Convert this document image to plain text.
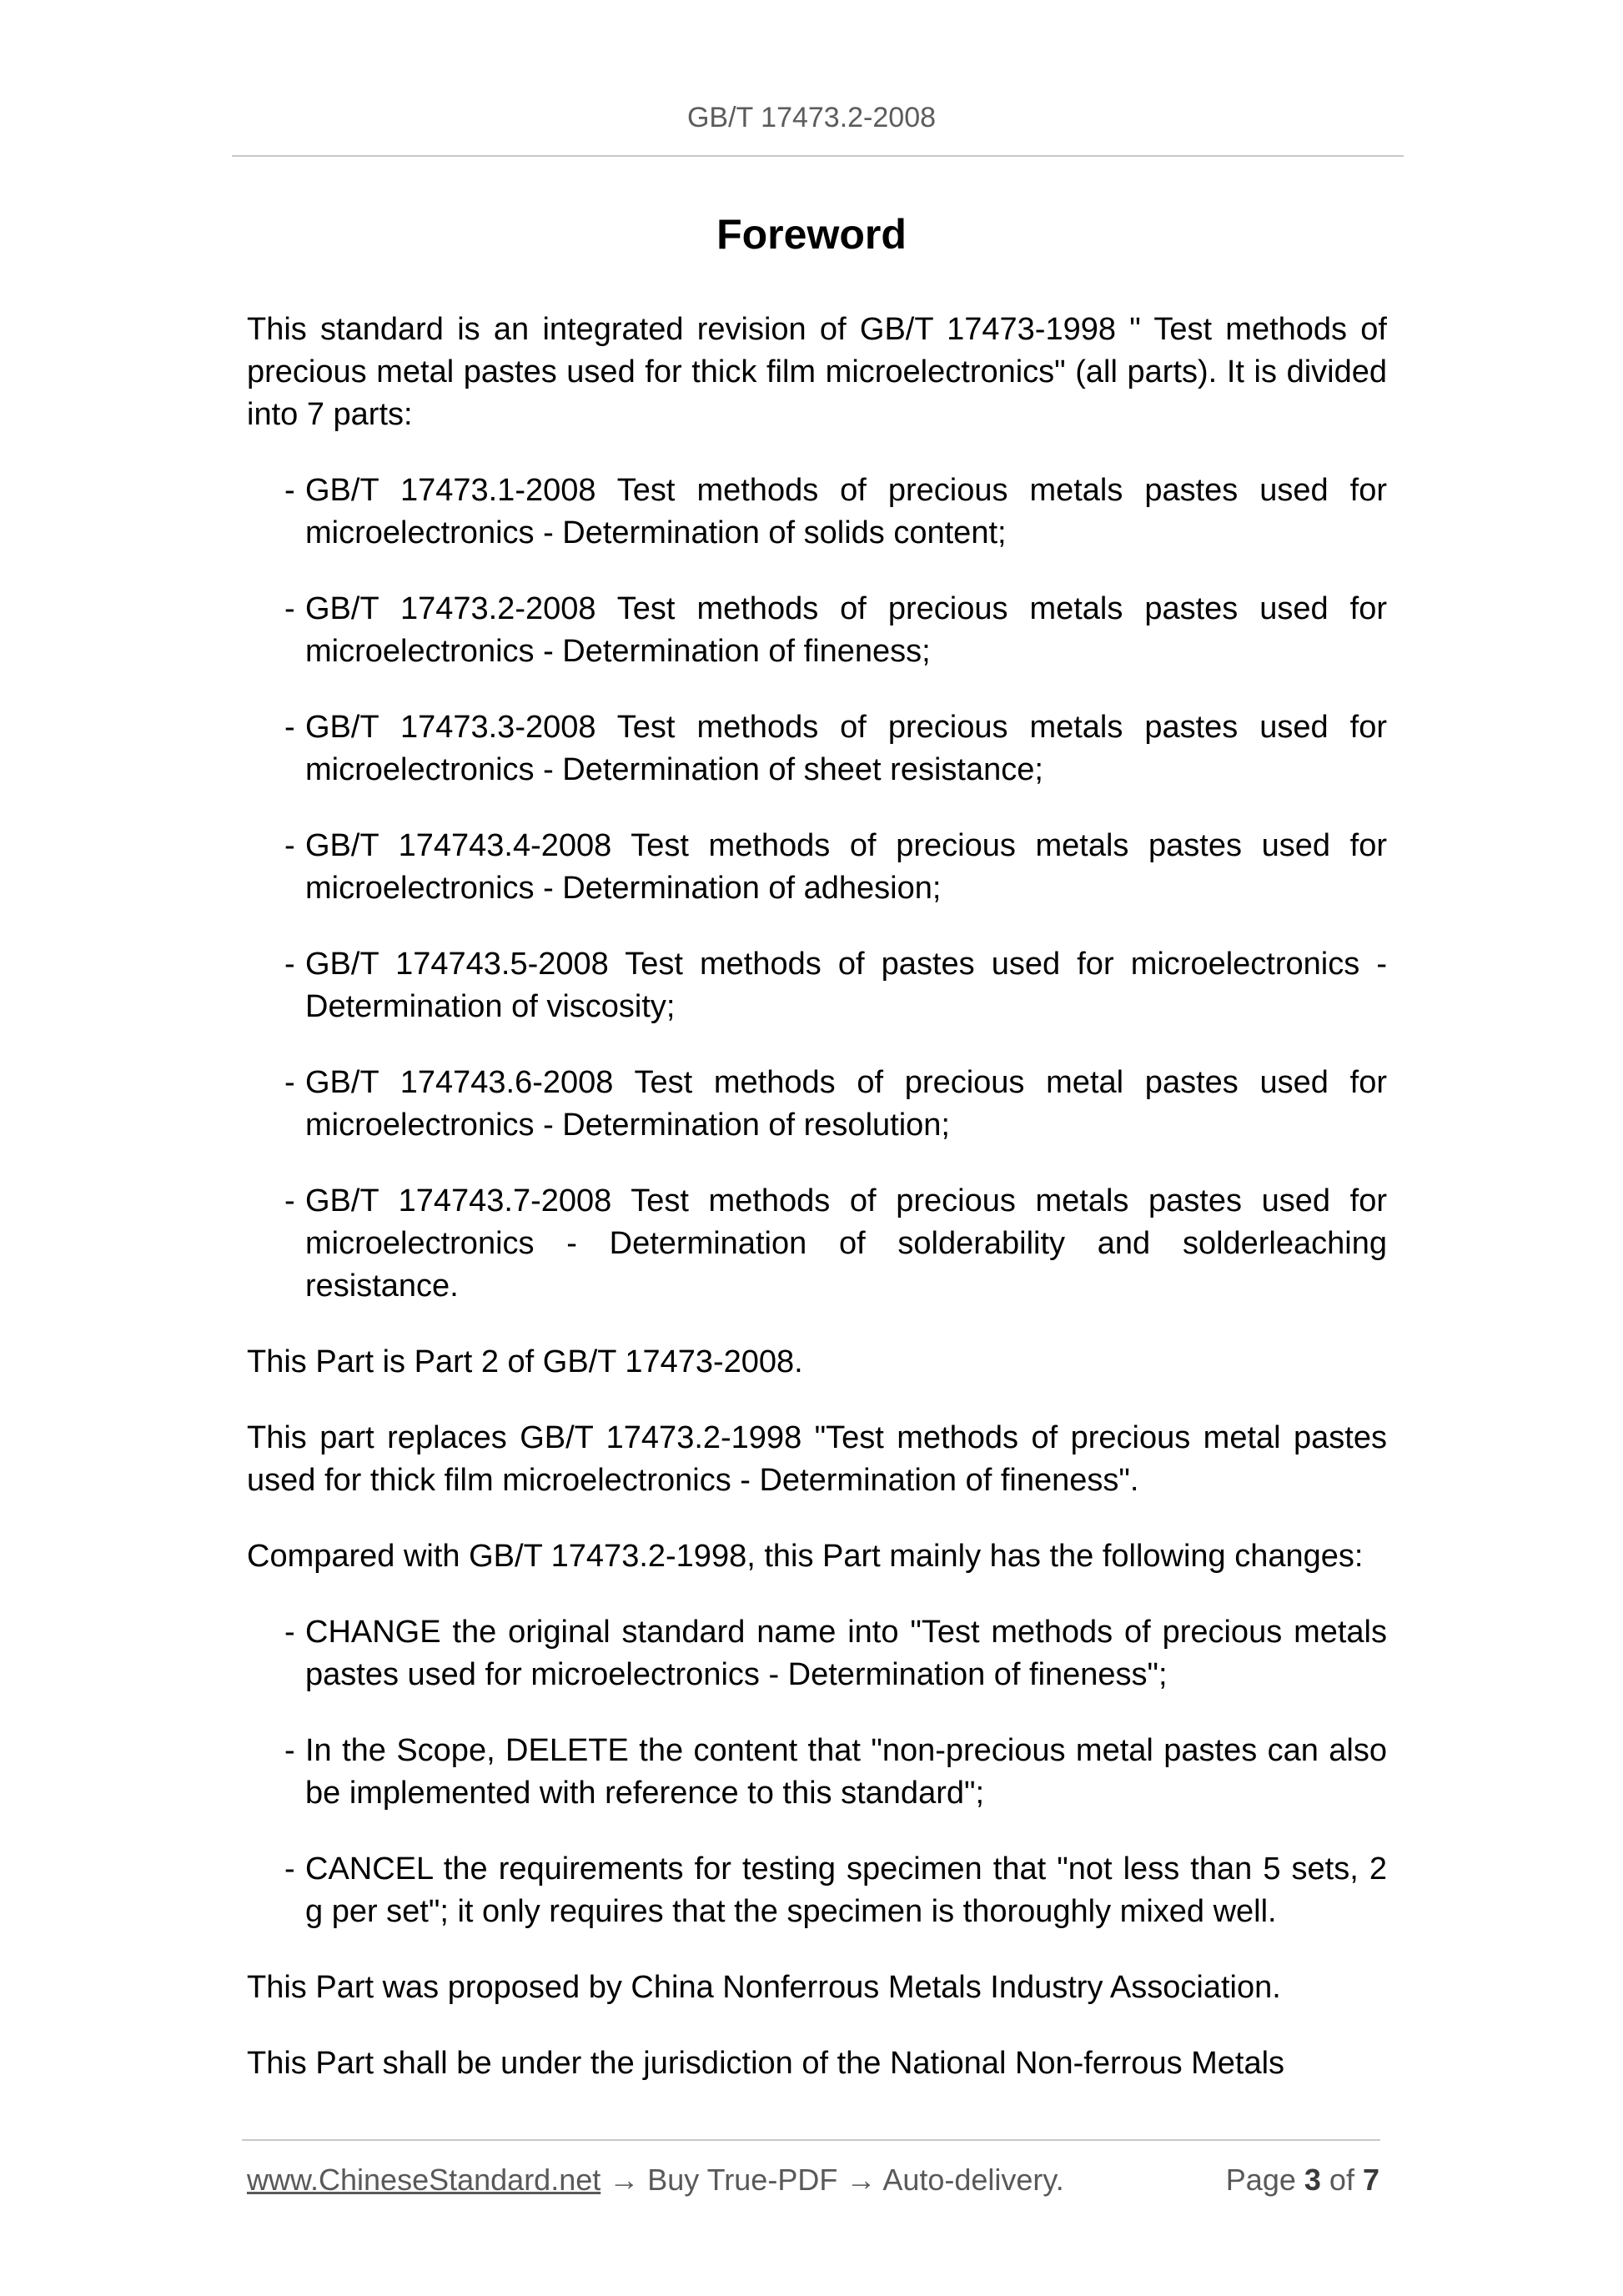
GB/T 17473.2-2008
Foreword

This standard is an integrated revision of GB/T 17473-1998 " Test methods of precious metal pastes used for thick film microelectronics" (all parts). It is divided into 7 parts:

- GB/T 17473.1-2008 Test methods of precious metals pastes used for microelectronics - Determination of solids content;
- GB/T 17473.2-2008 Test methods of precious metals pastes used for microelectronics - Determination of fineness;
- GB/T 17473.3-2008 Test methods of precious metals pastes used for microelectronics - Determination of sheet resistance;
- GB/T 174743.4-2008 Test methods of precious metals pastes used for microelectronics - Determination of adhesion;
- GB/T 174743.5-2008 Test methods of pastes used for microelectronics - Determination of viscosity;
- GB/T 174743.6-2008 Test methods of precious metal pastes used for microelectronics - Determination of resolution;
- GB/T 174743.7-2008 Test methods of precious metals pastes used for microelectronics - Determination of solderability and solderleaching resistance.

This Part is Part 2 of GB/T 17473-2008.

This part replaces GB/T 17473.2-1998 "Test methods of precious metal pastes used for thick film microelectronics - Determination of fineness".

Compared with GB/T 17473.2-1998, this Part mainly has the following changes:

- CHANGE the original standard name into "Test methods of precious metals pastes used for microelectronics - Determination of fineness";
- In the Scope, DELETE the content that "non-precious metal pastes can also be implemented with reference to this standard";
- CANCEL the requirements for testing specimen that "not less than 5 sets, 2 g per set"; it only requires that the specimen is thoroughly mixed well.

This Part was proposed by China Nonferrous Metals Industry Association.

This Part shall be under the jurisdiction of the National Non-ferrous Metals

www.ChineseStandard.net → Buy True-PDF → Auto-delivery.	Page 3 of 7
